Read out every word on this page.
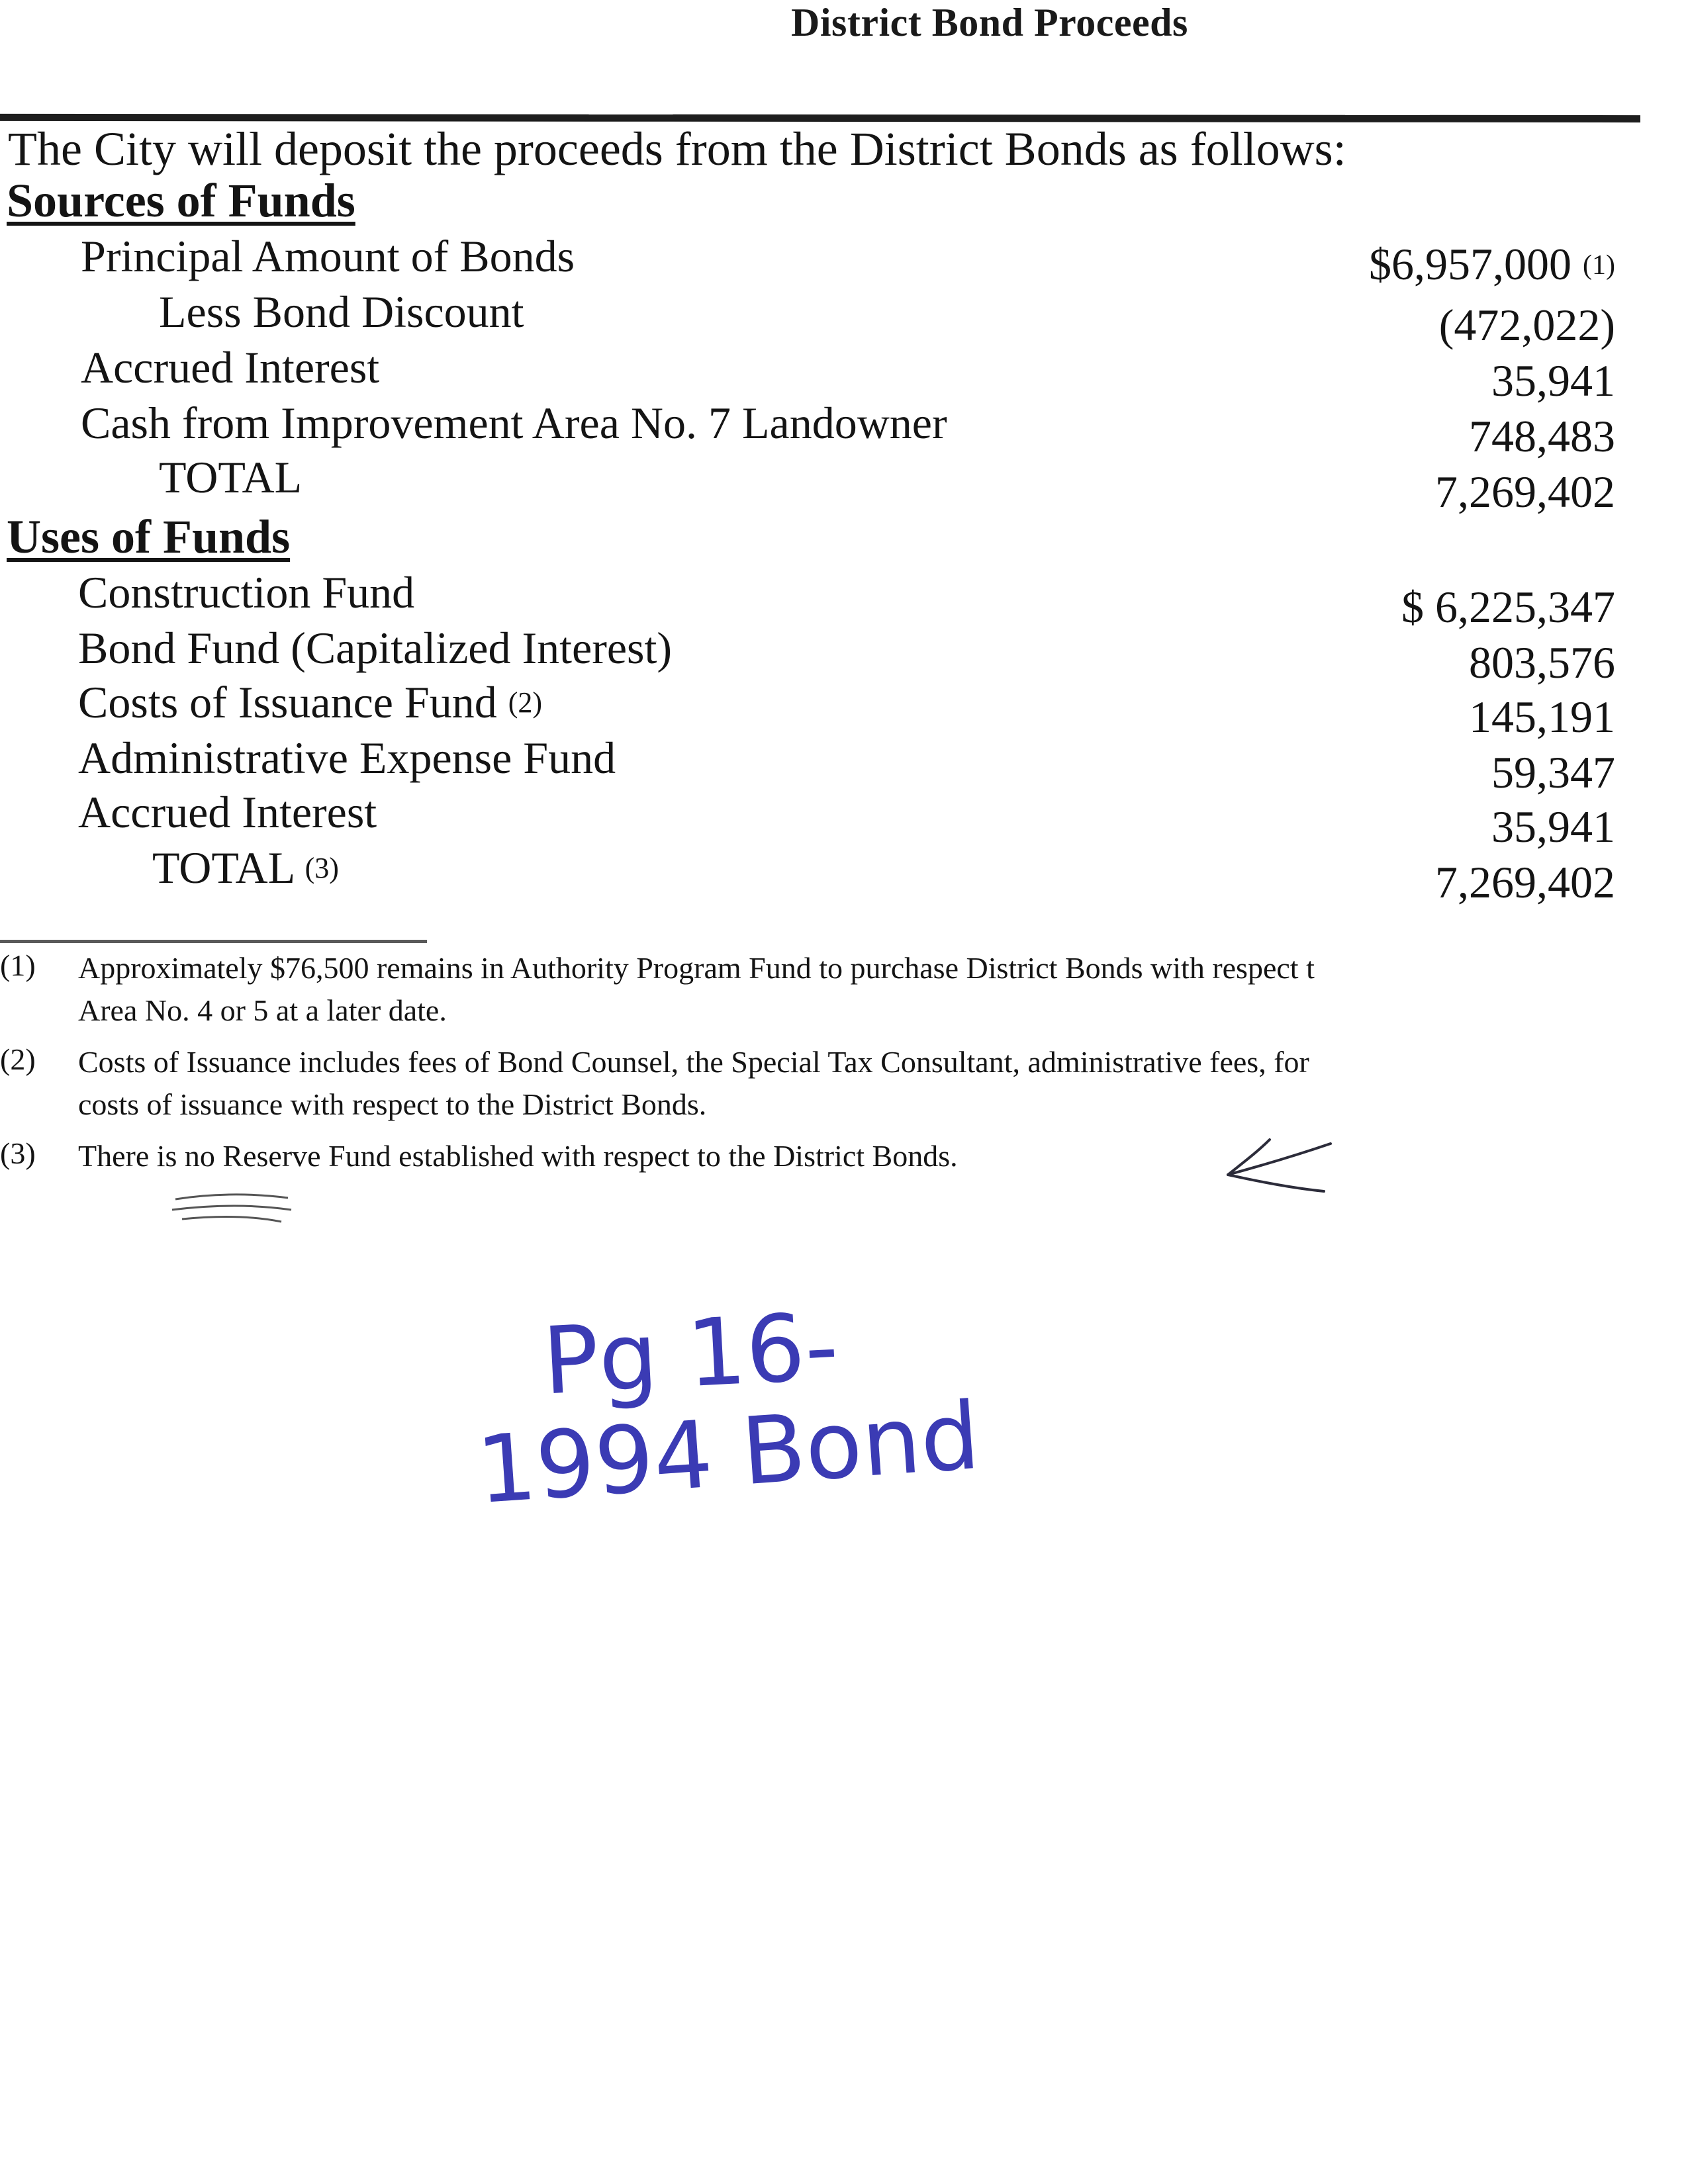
District Bond Proceeds
The City will deposit the proceeds from the District Bonds as follows:
Sources of Funds
Principal Amount of Bonds	$6,957,000 (1)
Less Bond Discount	(472,022)
Accrued Interest	35,941
Cash from Improvement Area No. 7 Landowner	748,483
TOTAL	7,269,402
Uses of Funds
Construction Fund	$ 6,225,347
Bond Fund (Capitalized Interest)	803,576
Costs of Issuance Fund (2)	145,191
Administrative Expense Fund	59,347
Accrued Interest	35,941
TOTAL (3)	7,269,402
(1) Approximately $76,500 remains in Authority Program Fund to purchase District Bonds with respect t
Area No. 4 or 5 at a later date.
(2) Costs of Issuance includes fees of Bond Counsel, the Special Tax Consultant, administrative fees, for
costs of issuance with respect to the District Bonds.
(3) There is no Reserve Fund established with respect to the District Bonds.
Pg 16-
1994 Bond
